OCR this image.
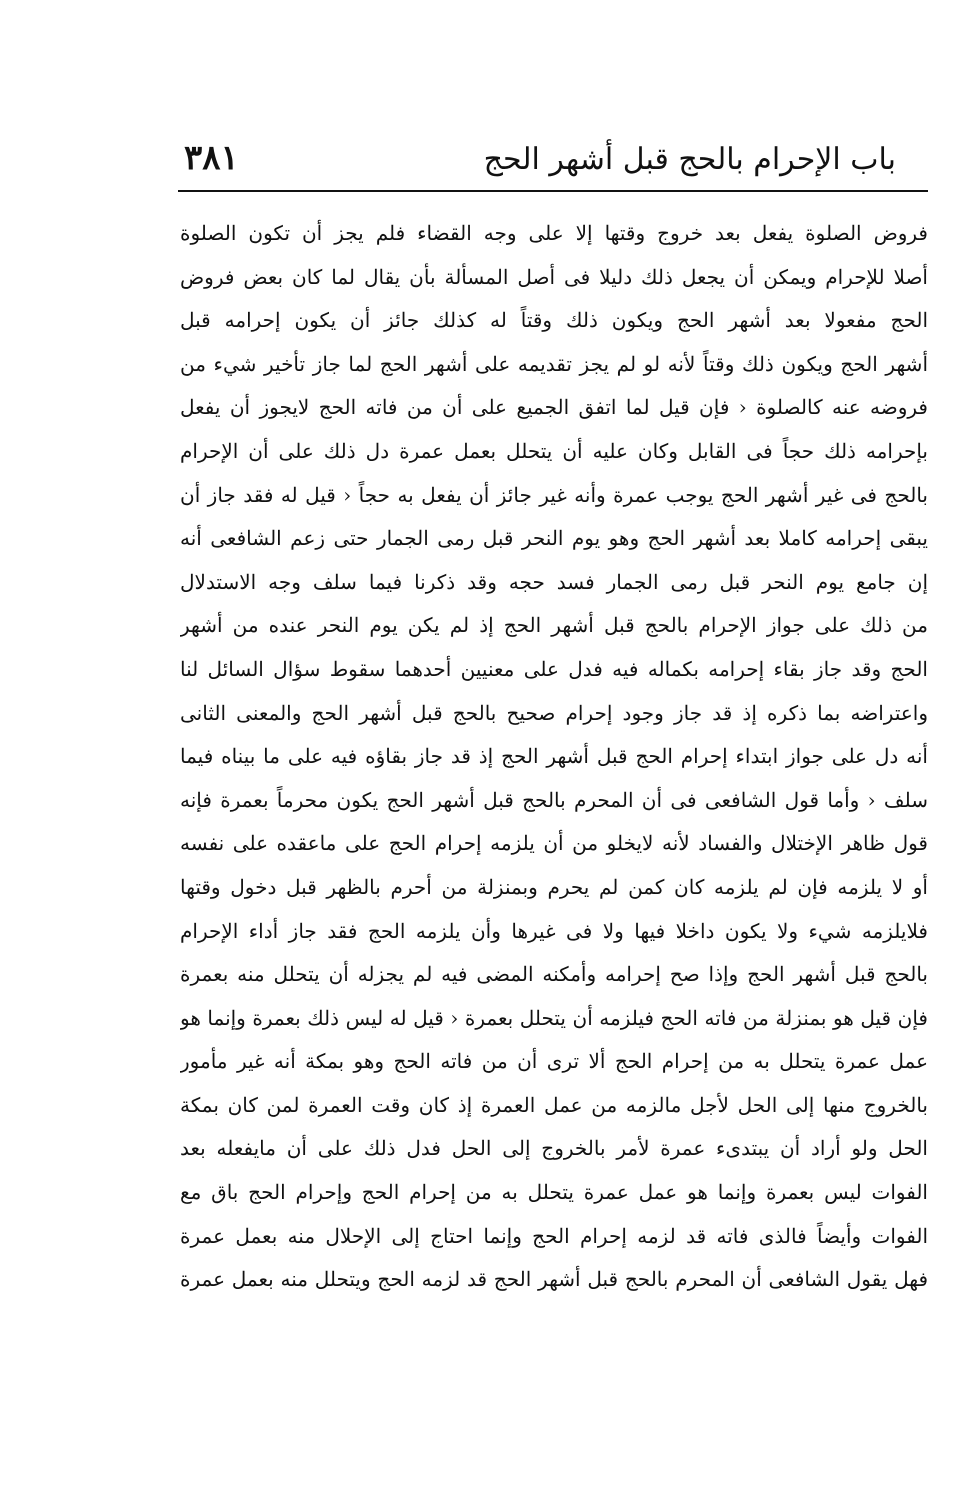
باب الإحرام بالحج قبل أشهر الحج
٣٨١
فروض الصلوة يفعل بعد خروج وقتها إلا على وجه القضاء فلم يجز أن تكون الصلوة
أصلا للإحرام ويمكن أن يجعل ذلك دليلا فى أصل المسألة بأن يقال لما كان بعض فروض
الحج مفعولا بعد أشهر الحج ويكون ذلك وقتاً له كذلك جائز أن يكون إحرامه قبل
أشهر الحج ويكون ذلك وقتاً لأنه لو لم يجز تقديمه على أشهر الحج لما جاز تأخير شيء من
فروضه عنه كالصلوة ‹ فإن قيل لما اتفق الجميع على أن من فاته الحج لايجوز أن يفعل
بإحرامه ذلك حجاً فى القابل وكان عليه أن يتحلل بعمل عمرة دل ذلك على أن الإحرام
بالحج فى غير أشهر الحج يوجب عمرة وأنه غير جائز أن يفعل به حجاً ‹ قيل له فقد جاز أن
يبقى إحرامه كاملا بعد أشهر الحج وهو يوم النحر قبل رمى الجمار حتى زعم الشافعى أنه
إن جامع يوم النحر قبل رمى الجمار فسد حجه وقد ذكرنا فيما سلف وجه الاستدلال
من ذلك على جواز الإحرام بالحج قبل أشهر الحج إذ لم يكن يوم النحر عنده من أشهر
الحج وقد جاز بقاء إحرامه بكماله فيه فدل على معنيين أحدهما سقوط سؤال السائل لنا
واعتراضه بما ذكره إذ قد جاز وجود إحرام صحيح بالحج قبل أشهر الحج والمعنى الثانى
أنه دل على جواز ابتداء إحرام الحج قبل أشهر الحج إذ قد جاز بقاؤه فيه على ما بيناه فيما
سلف ‹ وأما قول الشافعى فى أن المحرم بالحج قبل أشهر الحج يكون محرماً بعمرة فإنه
قول ظاهر الإختلال والفساد لأنه لايخلو من أن يلزمه إحرام الحج على ماعقده على نفسه
أو لا يلزمه فإن لم يلزمه كان كمن لم يحرم وبمنزلة من أحرم بالظهر قبل دخول وقتها
فلايلزمه شيء ولا يكون داخلا فيها ولا فى غيرها وأن يلزمه الحج فقد جاز أداء الإحرام
بالحج قبل أشهر الحج وإذا صح إحرامه وأمكنه المضى فيه لم يجزله أن يتحلل منه بعمرة
فإن قيل هو بمنزلة من فاته الحج فيلزمه أن يتحلل بعمرة ‹ قيل له ليس ذلك بعمرة وإنما هو
عمل عمرة يتحلل به من إحرام الحج ألا ترى أن من فاته الحج وهو بمكة أنه غير مأمور
بالخروج منها إلى الحل لأجل مالزمه من عمل العمرة إذ كان وقت العمرة لمن كان بمكة
الحل ولو أراد أن يبتدىء عمرة لأمر بالخروج إلى الحل فدل ذلك على أن مايفعله بعد
الفوات ليس بعمرة وإنما هو عمل عمرة يتحلل به من إحرام الحج وإحرام الحج باق مع
الفوات وأيضاً فالذى فاته قد لزمه إحرام الحج وإنما احتاج إلى الإحلال منه بعمل عمرة
فهل يقول الشافعى أن المحرم بالحج قبل أشهر الحج قد لزمه الحج ويتحلل منه بعمل عمرة
